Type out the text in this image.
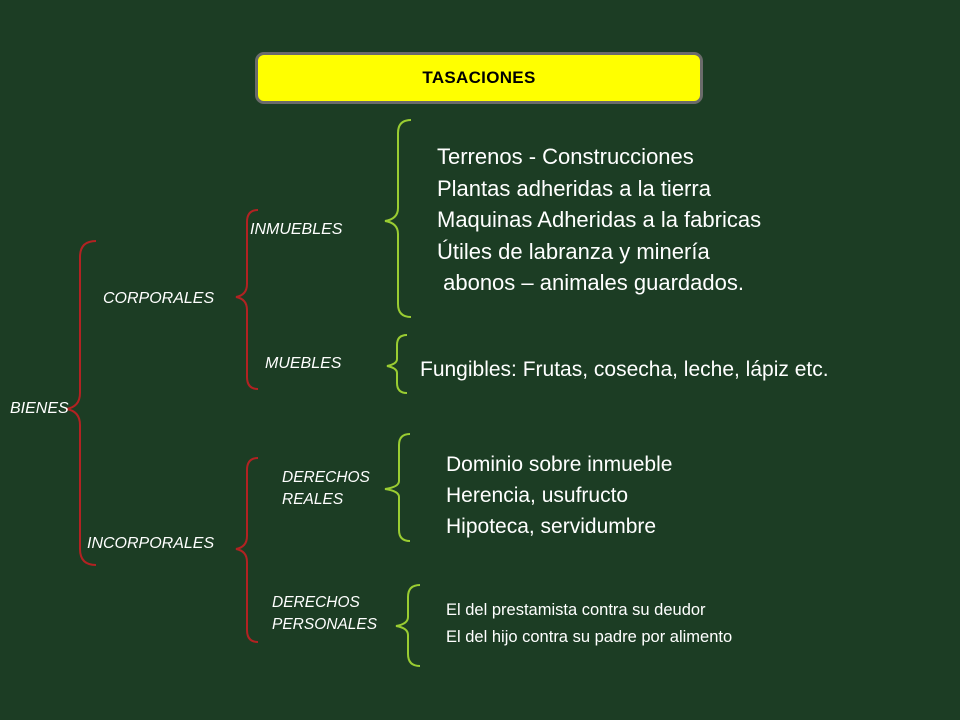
TASACIONES
BIENES
CORPORALES
INCORPORALES
INMUEBLES
MUEBLES
DERECHOS
REALES
DERECHOS
PERSONALES
Terrenos - Construcciones
Plantas adheridas a la tierra
Maquinas Adheridas a la fabricas
Útiles de labranza y minería
abonos – animales guardados.
Fungibles: Frutas, cosecha, leche, lápiz etc.
Dominio sobre inmueble
Herencia, usufructo
Hipoteca, servidumbre
El del prestamista contra su deudor
El del hijo contra su padre por alimento
